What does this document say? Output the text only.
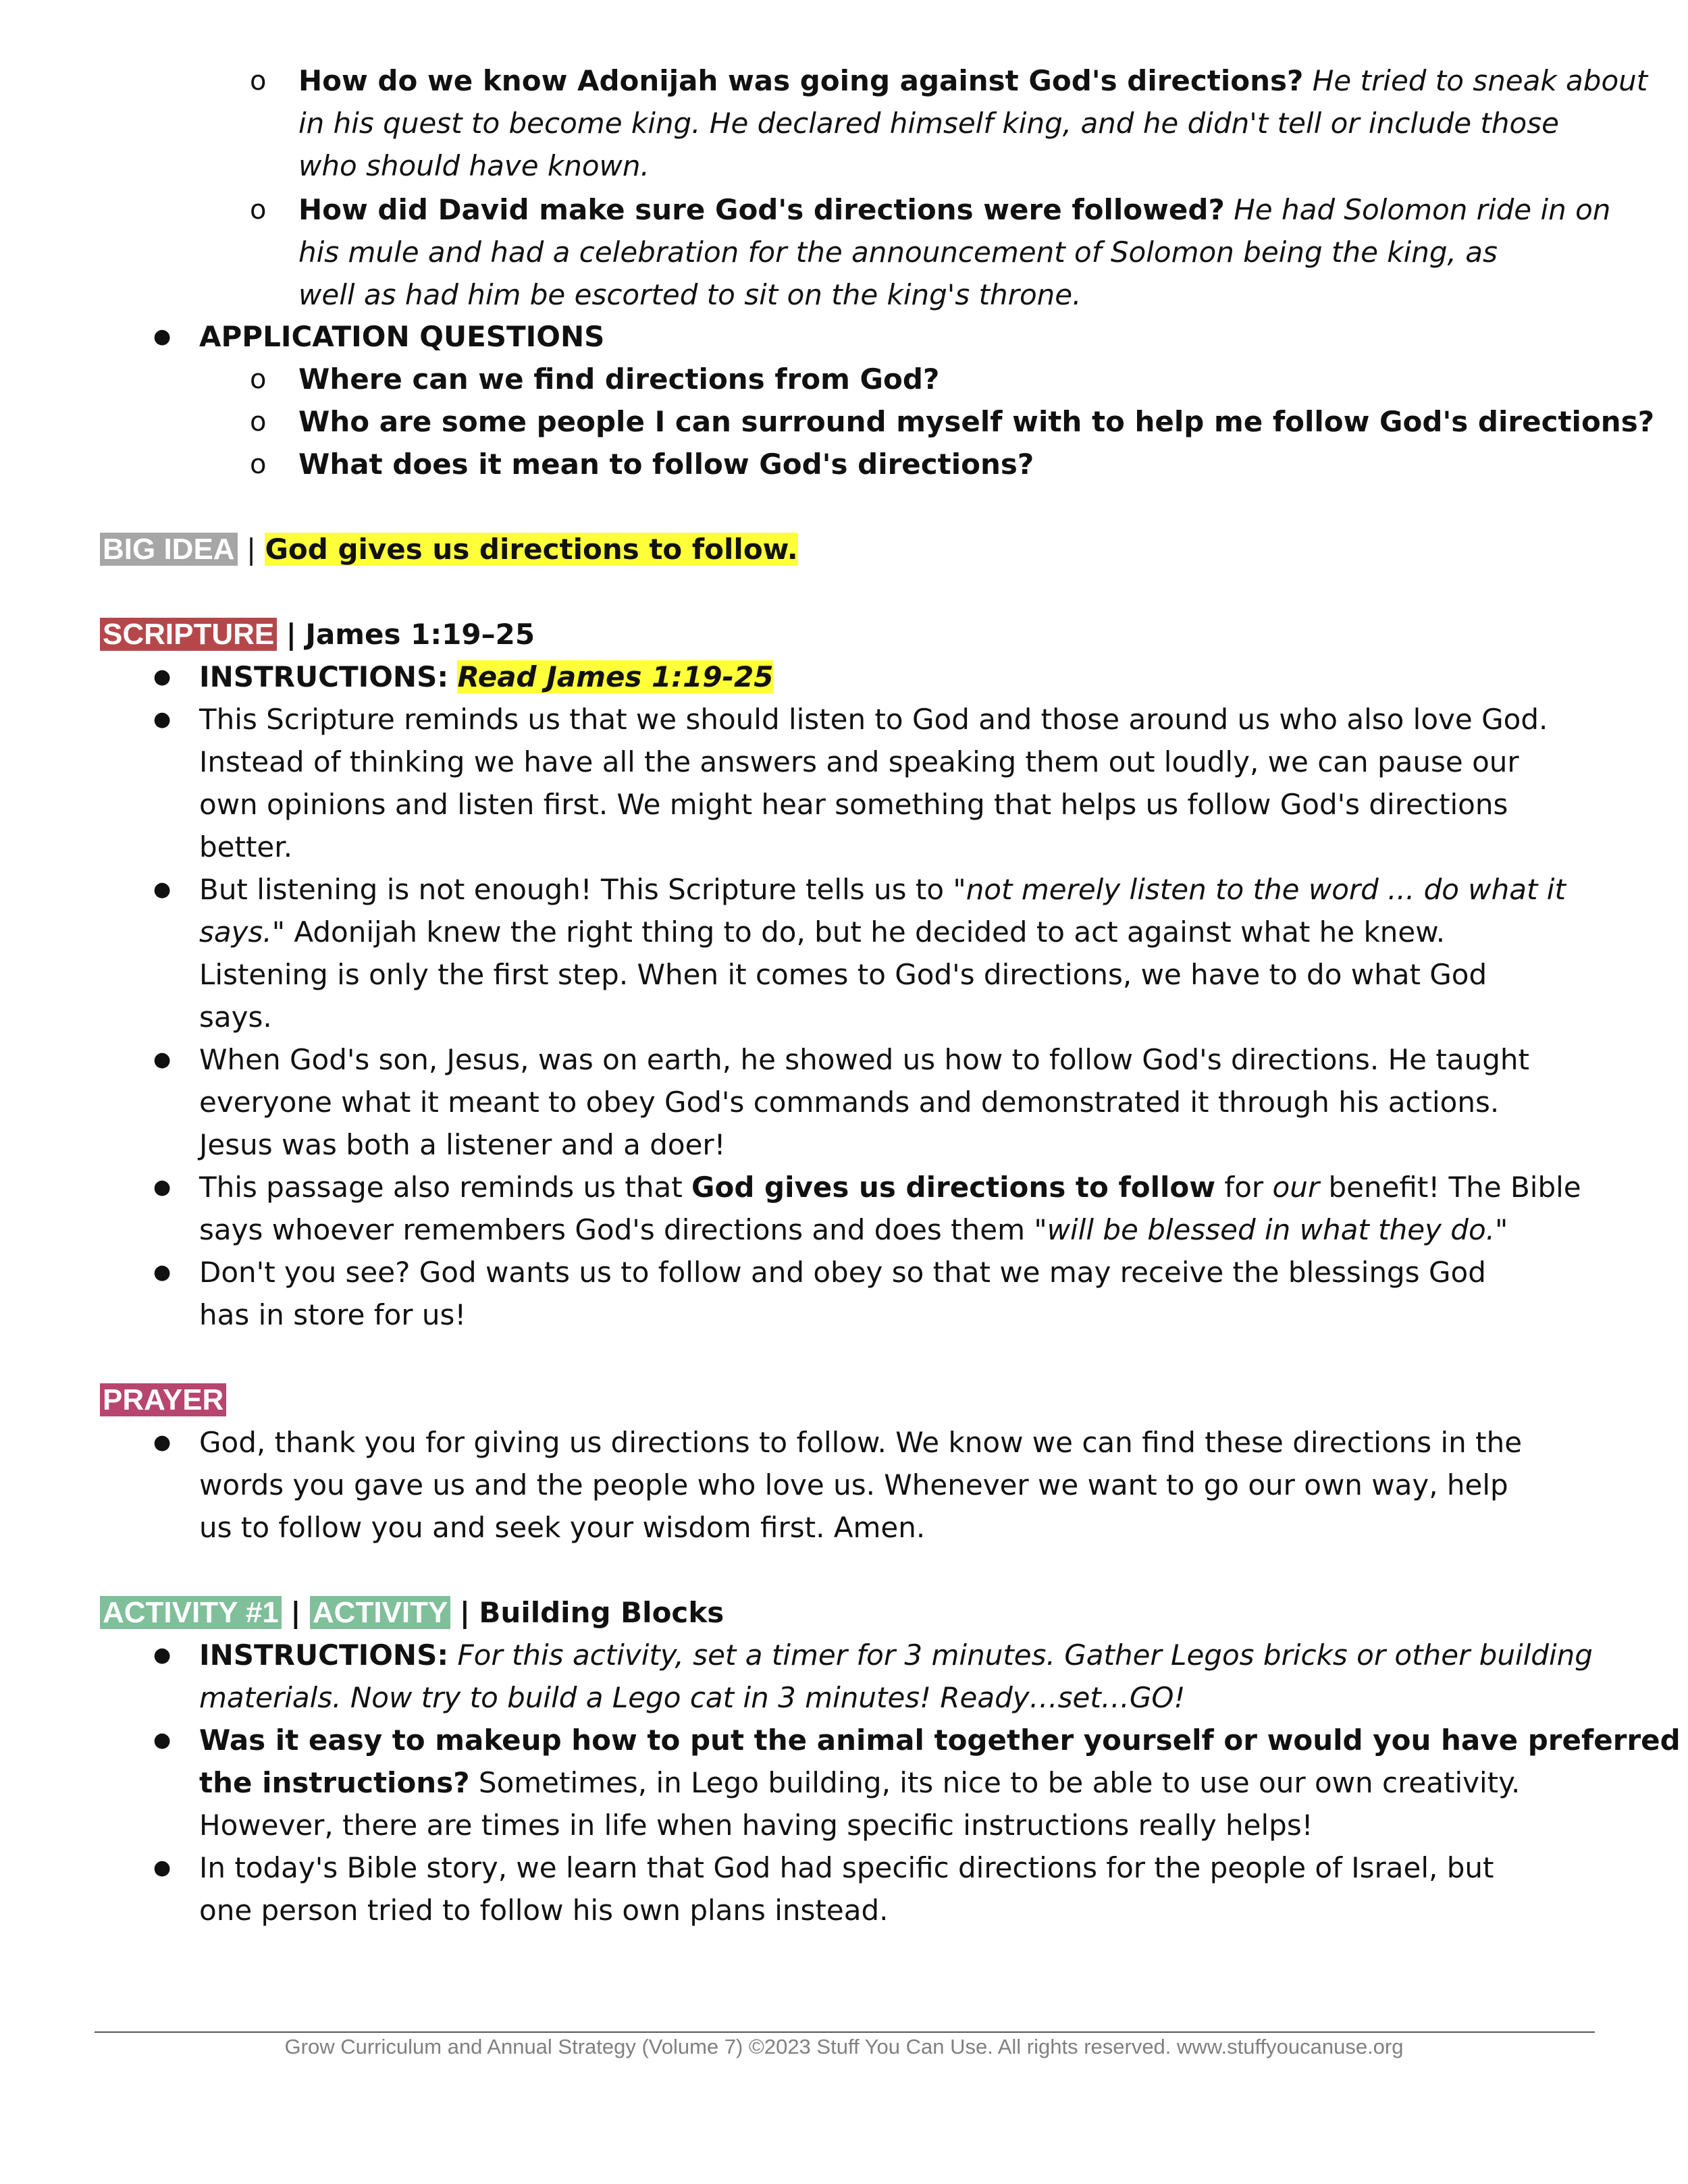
o How do we know Adonijah was going against God's directions? He tried to sneak about
in his quest to become king. He declared himself king, and he didn't tell or include those
who should have known.
o How did David make sure God's directions were followed? He had Solomon ride in on
his mule and had a celebration for the announcement of Solomon being the king, as
well as had him be escorted to sit on the king's throne.
● APPLICATION QUESTIONS
o Where can we find directions from God?
o Who are some people I can surround myself with to help me follow God's directions?
o What does it mean to follow God's directions?
BIG IDEA | God gives us directions to follow.
SCRIPTURE | James 1:19–25
● INSTRUCTIONS: Read James 1:19-25
● This Scripture reminds us that we should listen to God and those around us who also love God.
Instead of thinking we have all the answers and speaking them out loudly, we can pause our
own opinions and listen first. We might hear something that helps us follow God's directions
better.
● But listening is not enough! This Scripture tells us to "not merely listen to the word ... do what it
says." Adonijah knew the right thing to do, but he decided to act against what he knew.
Listening is only the first step. When it comes to God's directions, we have to do what God
says.
● When God's son, Jesus, was on earth, he showed us how to follow God's directions. He taught
everyone what it meant to obey God's commands and demonstrated it through his actions.
Jesus was both a listener and a doer!
● This passage also reminds us that God gives us directions to follow for our benefit! The Bible
says whoever remembers God's directions and does them "will be blessed in what they do."
● Don't you see? God wants us to follow and obey so that we may receive the blessings God
has in store for us!
PRAYER
● God, thank you for giving us directions to follow. We know we can find these directions in the
words you gave us and the people who love us. Whenever we want to go our own way, help
us to follow you and seek your wisdom first. Amen.
ACTIVITY #1 | ACTIVITY | Building Blocks
● INSTRUCTIONS: For this activity, set a timer for 3 minutes. Gather Legos bricks or other building
materials. Now try to build a Lego cat in 3 minutes! Ready…set…GO!
● Was it easy to makeup how to put the animal together yourself or would you have preferred
the instructions? Sometimes, in Lego building, its nice to be able to use our own creativity.
However, there are times in life when having specific instructions really helps!
● In today's Bible story, we learn that God had specific directions for the people of Israel, but
one person tried to follow his own plans instead.
Grow Curriculum and Annual Strategy (Volume 7) ©2023 Stuff You Can Use. All rights reserved. www.stuffyoucanuse.org
